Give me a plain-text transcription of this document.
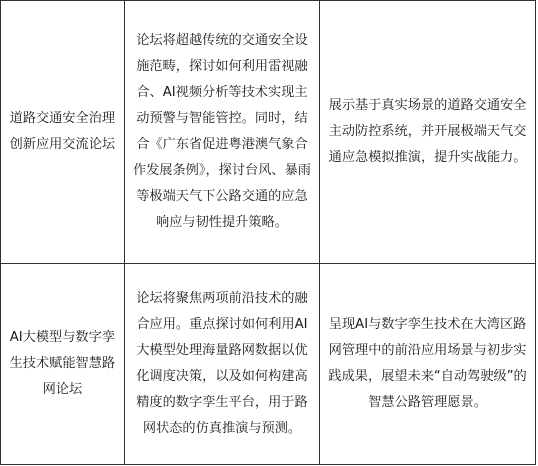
道路交通安全治理创新应用交流论坛	论坛将超越传统的交通安全设施范畴，探讨如何利用雷视融合、AI视频分析等技术实现主动预警与智能管控。同时，结合《广东省促进粤港澳气象合作发展条例》，探讨台风、暴雨等极端天气下公路交通的应急响应与韧性提升策略。	展示基于真实场景的道路交通安全主动防控系统，并开展极端天气交通应急模拟推演，提升实战能力。

AI大模型与数字孪生技术赋能智慧路网论坛	论坛将聚焦两项前沿技术的融合应用。重点探讨如何利用AI大模型处理海量路网数据以优化调度决策，以及如何构建高精度的数字孪生平台，用于路网状态的仿真推演与预测。	呈现AI与数字孪生技术在大湾区路网管理中的前沿应用场景与初步实践成果，展望未来“自动驾驶级”的智慧公路管理愿景。
